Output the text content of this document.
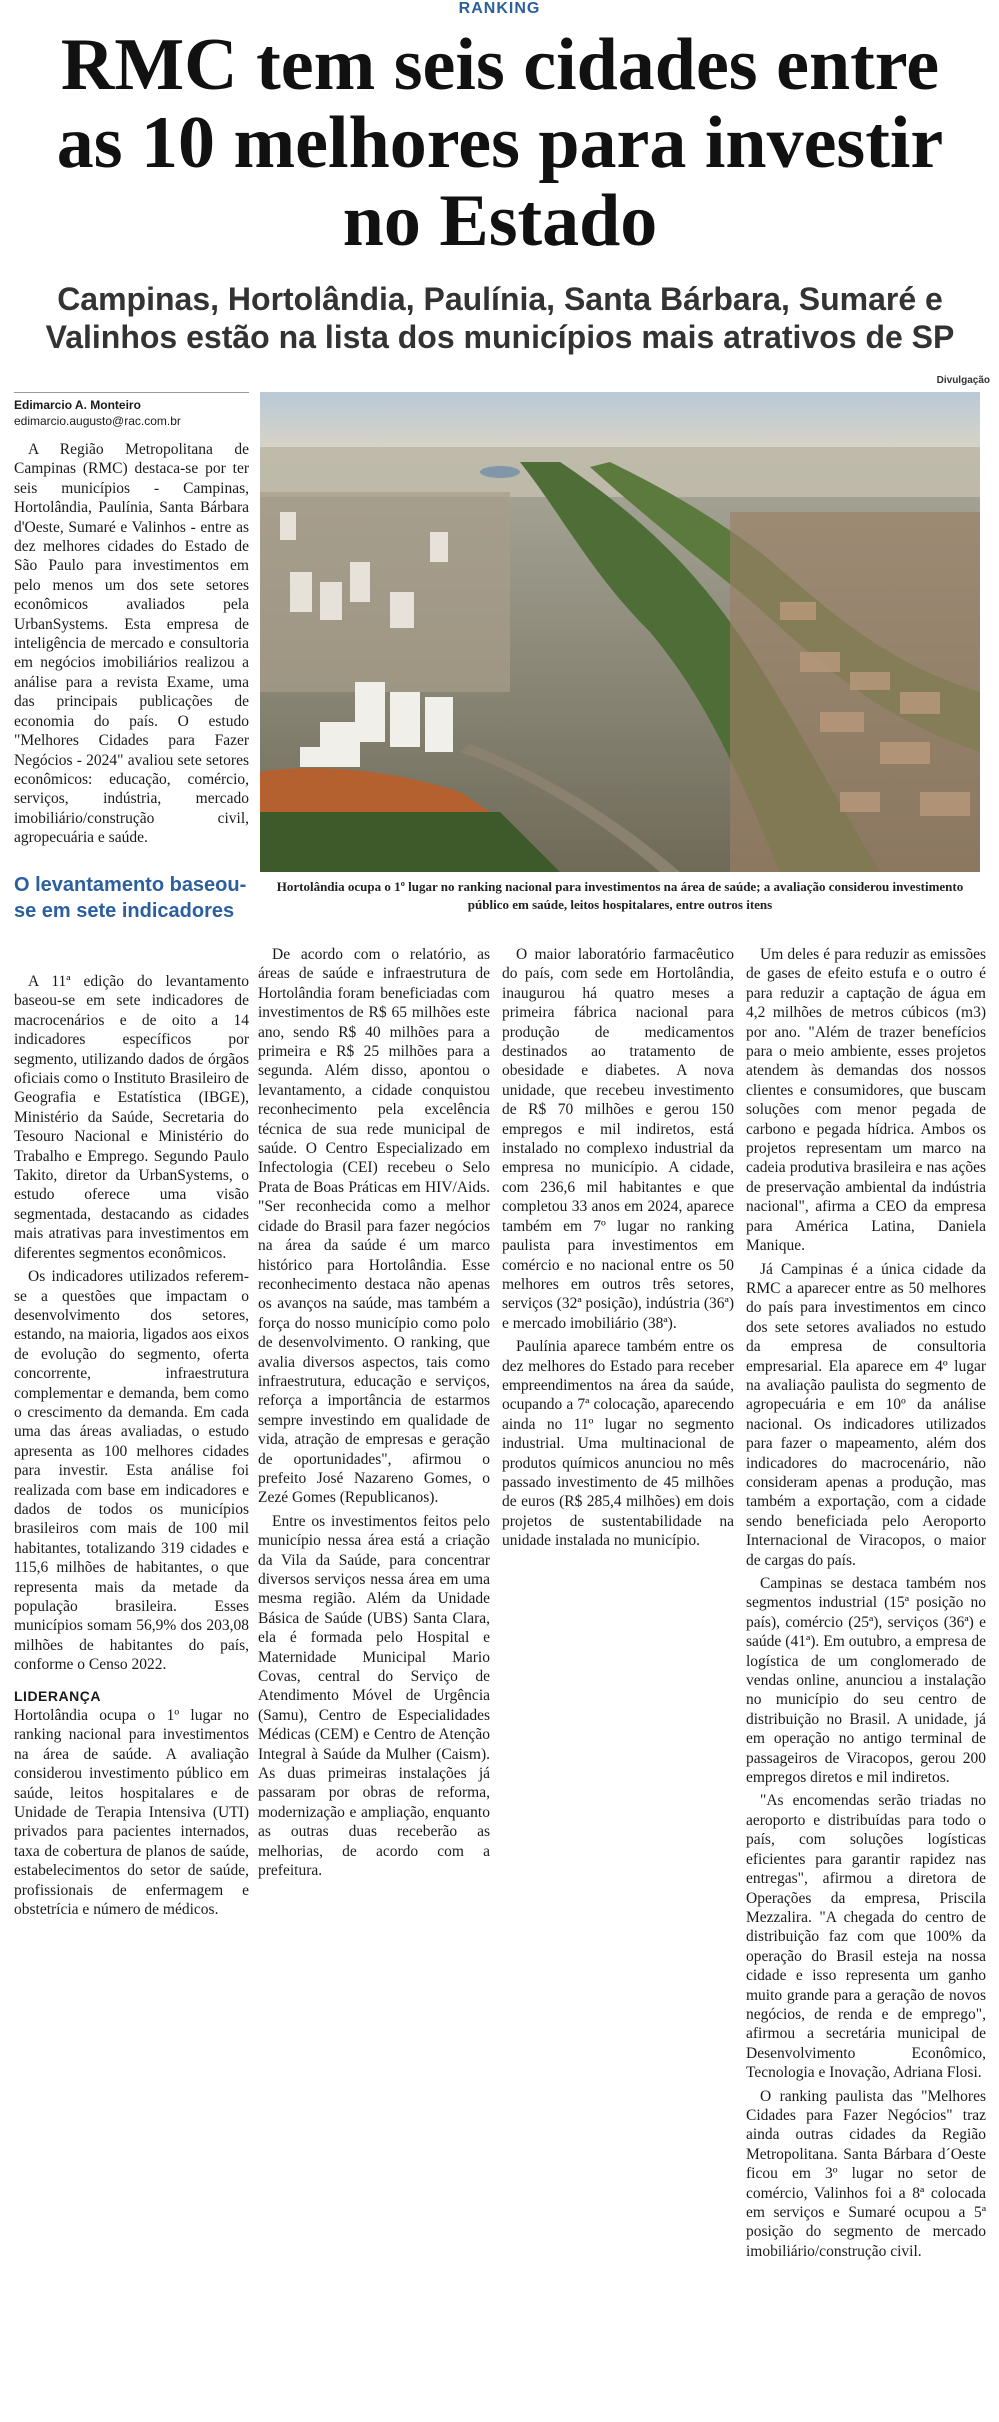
RANKING
RMC tem seis cidades entre as 10 melhores para investir no Estado
Campinas, Hortolândia, Paulínia, Santa Bárbara, Sumaré e Valinhos estão na lista dos municípios mais atrativos de SP
Divulgação
Edimarcio A. Monteiro
edimarcio.augusto@rac.com.br

Hortolândia ocupa o 1º lugar no ranking nacional para investimentos na área de saúde; a avaliação considerou investimento público em saúde, leitos hospitalares, entre outros itens

A Região Metropolitana de Campinas (RMC) destaca-se por ter seis municípios - Campinas, Hortolândia, Paulínia, Santa Bárbara d'Oeste, Sumaré e Valinhos - entre as dez melhores cidades do Estado de São Paulo para investimentos em pelo menos um dos sete setores econômicos avaliados pela UrbanSystems. Esta empresa de inteligência de mercado e consultoria em negócios imobiliários realizou a análise para a revista Exame, uma das principais publicações de economia do país. O estudo "Melhores Cidades para Fazer Negócios - 2024" avaliou sete setores econômicos: educação, comércio, serviços, indústria, mercado imobiliário/construção civil, agropecuária e saúde.

O levantamento baseou-se em sete indicadores

A 11ª edição do levantamento baseou-se em sete indicadores de macrocenários e de oito a 14 indicadores específicos por segmento, utilizando dados de órgãos oficiais como o Instituto Brasileiro de Geografia e Estatística (IBGE), Ministério da Saúde, Secretaria do Tesouro Nacional e Ministério do Trabalho e Emprego. Segundo Paulo Takito, diretor da UrbanSystems, o estudo oferece uma visão segmentada, destacando as cidades mais atrativas para investimentos em diferentes segmentos econômicos.

Os indicadores utilizados referem-se a questões que impactam o desenvolvimento dos setores, estando, na maioria, ligados aos eixos de evolução do segmento, oferta concorrente, infraestrutura complementar e demanda, bem como o crescimento da demanda. Em cada uma das áreas avaliadas, o estudo apresenta as 100 melhores cidades para investir. Esta análise foi realizada com base em indicadores e dados de todos os municípios brasileiros com mais de 100 mil habitantes, totalizando 319 cidades e 115,6 milhões de habitantes, o que representa mais da metade da população brasileira. Esses municípios somam 56,9% dos 203,08 milhões de habitantes do país, conforme o Censo 2022.

LIDERANÇA

Hortolândia ocupa o 1º lugar no ranking nacional para investimentos na área de saúde. A avaliação considerou investimento público em saúde, leitos hospitalares e de Unidade de Terapia Intensiva (UTI) privados para pacientes internados, taxa de cobertura de planos de saúde, estabelecimentos do setor de saúde, profissionais de enfermagem e obstetrícia e número de médicos.

De acordo com o relatório, as áreas de saúde e infraestrutura de Hortolândia foram beneficiadas com investimentos de R$ 65 milhões este ano, sendo R$ 40 milhões para a primeira e R$ 25 milhões para a segunda. Além disso, apontou o levantamento, a cidade conquistou reconhecimento pela excelência técnica de sua rede municipal de saúde. O Centro Especializado em Infectologia (CEI) recebeu o Selo Prata de Boas Práticas em HIV/Aids. "Ser reconhecida como a melhor cidade do Brasil para fazer negócios na área da saúde é um marco histórico para Hortolândia. Esse reconhecimento destaca não apenas os avanços na saúde, mas também a força do nosso município como polo de desenvolvimento. O ranking, que avalia diversos aspectos, tais como infraestrutura, educação e serviços, reforça a importância de estarmos sempre investindo em qualidade de vida, atração de empresas e geração de oportunidades", afirmou o prefeito José Nazareno Gomes, o Zezé Gomes (Republicanos).

Entre os investimentos feitos pelo município nessa área está a criação da Vila da Saúde, para concentrar diversos serviços nessa área em uma mesma região. Além da Unidade Básica de Saúde (UBS) Santa Clara, ela é formada pelo Hospital e Maternidade Municipal Mario Covas, central do Serviço de Atendimento Móvel de Urgência (Samu), Centro de Especialidades Médicas (CEM) e Centro de Atenção Integral à Saúde da Mulher (Caism). As duas primeiras instalações já passaram por obras de reforma, modernização e ampliação, enquanto as outras duas receberão as melhorias, de acordo com a prefeitura.

O maior laboratório farmacêutico do país, com sede em Hortolândia, inaugurou há quatro meses a primeira fábrica nacional para produção de medicamentos destinados ao tratamento de obesidade e diabetes. A nova unidade, que recebeu investimento de R$ 70 milhões e gerou 150 empregos e mil indiretos, está instalado no complexo industrial da empresa no município. A cidade, com 236,6 mil habitantes e que completou 33 anos em 2024, aparece também em 7º lugar no ranking paulista para investimentos em comércio e no nacional entre os 50 melhores em outros três setores, serviços (32ª posição), indústria (36ª) e mercado imobiliário (38ª).

Paulínia aparece também entre os dez melhores do Estado para receber empreendimentos na área da saúde, ocupando a 7ª colocação, aparecendo ainda no 11º lugar no segmento industrial. Uma multinacional de produtos químicos anunciou no mês passado investimento de 45 milhões de euros (R$ 285,4 milhões) em dois projetos de sustentabilidade na unidade instalada no município.

Um deles é para reduzir as emissões de gases de efeito estufa e o outro é para reduzir a captação de água em 4,2 milhões de metros cúbicos (m3) por ano. "Além de trazer benefícios para o meio ambiente, esses projetos atendem às demandas dos nossos clientes e consumidores, que buscam soluções com menor pegada de carbono e pegada hídrica. Ambos os projetos representam um marco na cadeia produtiva brasileira e nas ações de preservação ambiental da indústria nacional", afirma a CEO da empresa para América Latina, Daniela Manique.

Já Campinas é a única cidade da RMC a aparecer entre as 50 melhores do país para investimentos em cinco dos sete setores avaliados no estudo da empresa de consultoria empresarial. Ela aparece em 4º lugar na avaliação paulista do segmento de agropecuária e em 10º da análise nacional. Os indicadores utilizados para fazer o mapeamento, além dos indicadores do macrocenário, não consideram apenas a produção, mas também a exportação, com a cidade sendo beneficiada pelo Aeroporto Internacional de Viracopos, o maior de cargas do país.

Campinas se destaca também nos segmentos industrial (15ª posição no país), comércio (25ª), serviços (36ª) e saúde (41ª). Em outubro, a empresa de logística de um conglomerado de vendas online, anunciou a instalação no município do seu centro de distribuição no Brasil. A unidade, já em operação no antigo terminal de passageiros de Viracopos, gerou 200 empregos diretos e mil indiretos.

"As encomendas serão triadas no aeroporto e distribuídas para todo o país, com soluções logísticas eficientes para garantir rapidez nas entregas", afirmou a diretora de Operações da empresa, Priscila Mezzalira. "A chegada do centro de distribuição faz com que 100% da operação do Brasil esteja na nossa cidade e isso representa um ganho muito grande para a geração de novos negócios, de renda e de emprego", afirmou a secretária municipal de Desenvolvimento Econômico, Tecnologia e Inovação, Adriana Flosi.

O ranking paulista das "Melhores Cidades para Fazer Negócios" traz ainda outras cidades da Região Metropolitana. Santa Bárbara d´Oeste ficou em 3º lugar no setor de comércio, Valinhos foi a 8ª colocada em serviços e Sumaré ocupou a 5ª posição do segmento de mercado imobiliário/construção civil.
